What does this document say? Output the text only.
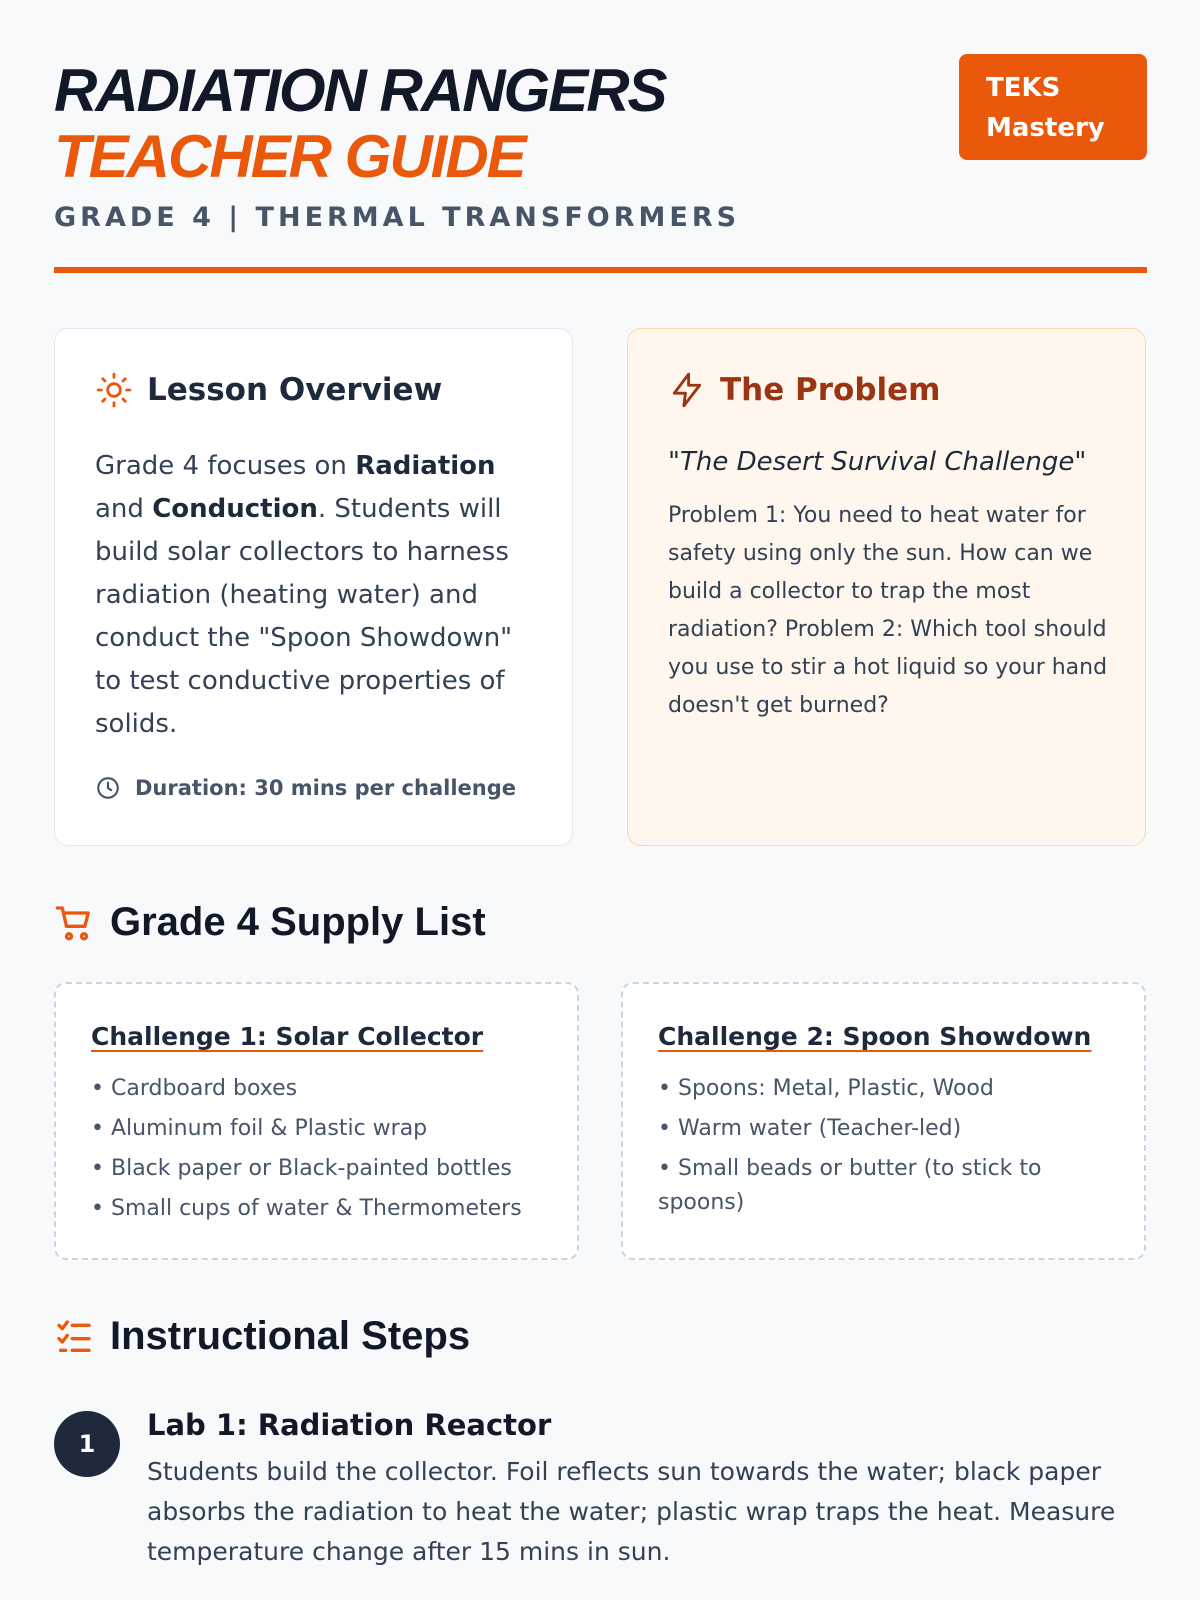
RADIATION RANGERS
TEACHER GUIDE
GRADE 4 | THERMAL TRANSFORMERS
TEKS
Mastery
Lesson Overview
Grade 4 focuses on Radiation and Conduction. Students will build solar collectors to harness radiation (heating water) and conduct the "Spoon Showdown" to test conductive properties of solids.
Duration: 30 mins per challenge
The Problem
"The Desert Survival Challenge"
Problem 1: You need to heat water for safety using only the sun. How can we build a collector to trap the most radiation? Problem 2: Which tool should you use to stir a hot liquid so your hand doesn't get burned?
Grade 4 Supply List
Challenge 1: Solar Collector
• Cardboard boxes
• Aluminum foil & Plastic wrap
• Black paper or Black-painted bottles
• Small cups of water & Thermometers
Challenge 2: Spoon Showdown
• Spoons: Metal, Plastic, Wood
• Warm water (Teacher-led)
• Small beads or butter (to stick to spoons)
Instructional Steps
1
Lab 1: Radiation Reactor
Students build the collector. Foil reflects sun towards the water; black paper absorbs the radiation to heat the water; plastic wrap traps the heat. Measure temperature change after 15 mins in sun.
